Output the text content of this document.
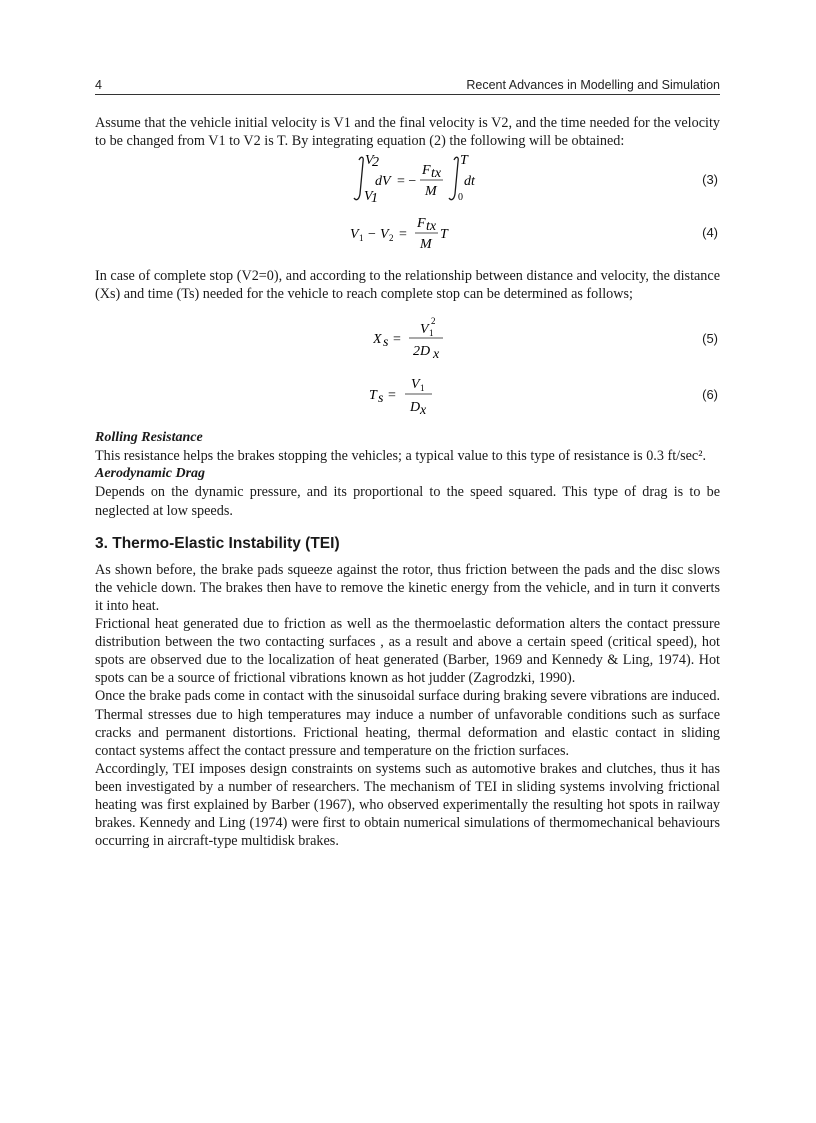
4	Recent Advances in Modelling and Simulation

Assume that the vehicle initial velocity is V1 and the final velocity is V2, and the time needed for the velocity to be changed from V1 to V2 is T. By integrating equation (2) the following will be obtained:

V
2
V
1
dV = −
F tx
M
T
0
dt	(3)
V 1 − V 2 =
F tx
M
T	(4)

In case of complete stop (V2=0), and according to the relationship between distance and velocity, the distance (Xs) and time (Ts) needed for the vehicle to reach complete stop can be determined as follows;

X s =
V 1
2
2D x
(5)
T s =
V 1
D x
(6)
Rolling Resistance

This resistance helps the brakes stopping the vehicles; a typical value to this type of resistance is 0.3 ft/sec².

Aerodynamic Drag

Depends on the dynamic pressure, and its proportional to the speed squared. This type of drag is to be neglected at low speeds.

3. Thermo-Elastic Instability (TEI)

As shown before, the brake pads squeeze against the rotor, thus friction between the pads and the disc slows the vehicle down. The brakes then have to remove the kinetic energy from the vehicle, and in turn it converts it into heat.

Frictional heat generated due to friction as well as the thermoelastic deformation alters the contact pressure distribution between the two contacting surfaces , as a result and above a certain speed (critical speed), hot spots are observed due to the localization of heat generated (Barber, 1969 and Kennedy & Ling, 1974). Hot spots can be a source of frictional vibrations known as hot judder (Zagrodzki, 1990).

Once the brake pads come in contact with the sinusoidal surface during braking severe vibrations are induced. Thermal stresses due to high temperatures may induce a number of unfavorable conditions such as surface cracks and permanent distortions. Frictional heating, thermal deformation and elastic contact in sliding contact systems affect the contact pressure and temperature on the friction surfaces.

Accordingly, TEI imposes design constraints on systems such as automotive brakes and clutches, thus it has been investigated by a number of researchers. The mechanism of TEI in sliding systems involving frictional heating was first explained by Barber (1967), who observed experimentally the resulting hot spots in railway brakes. Kennedy and Ling (1974) were first to obtain numerical simulations of thermomechanical behaviours occurring in aircraft-type multidisk brakes.
